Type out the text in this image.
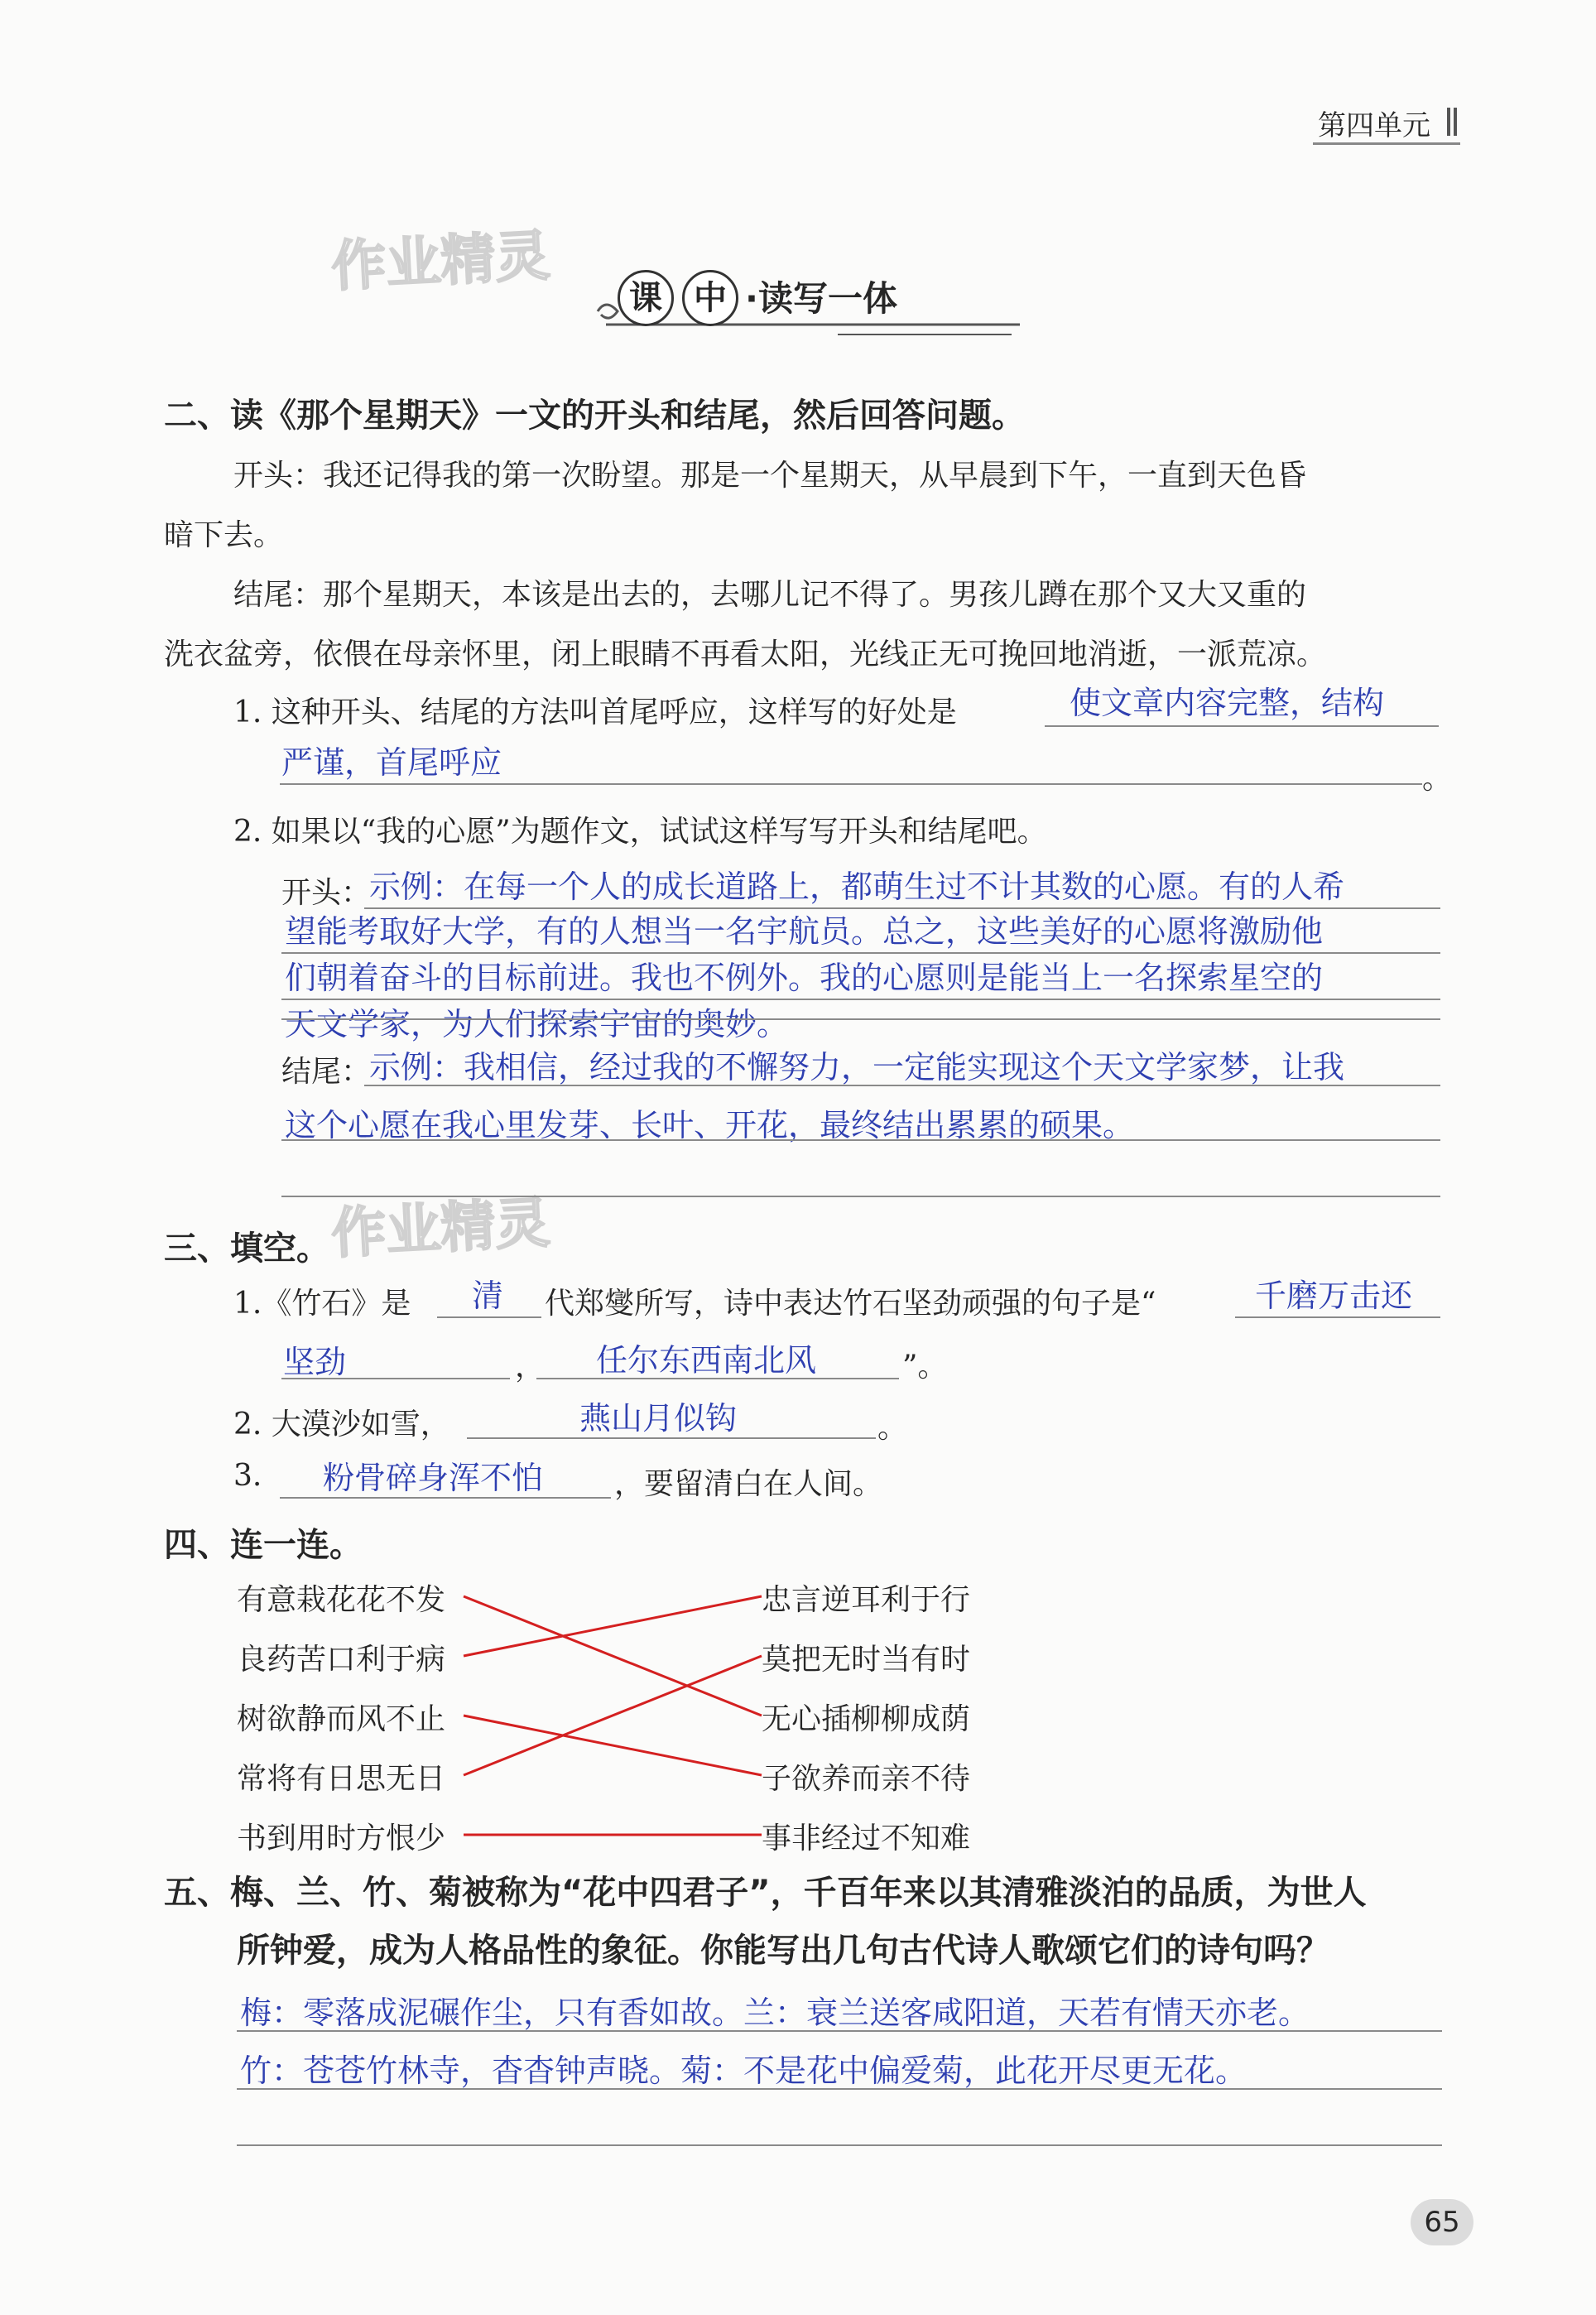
第四单元
作业精灵
作业精灵
课 中 ·读写一体
二、读《那个星期天》一文的开头和结尾，然后回答问题。
开头：我还记得我的第一次盼望。那是一个星期天，从早晨到下午，一直到天色昏
暗下去。
结尾：那个星期天，本该是出去的，去哪儿记不得了。男孩儿蹲在那个又大又重的
洗衣盆旁，依偎在母亲怀里，闭上眼睛不再看太阳，光线正无可挽回地消逝，一派荒凉。
1. 这种开头、结尾的方法叫首尾呼应，这样写的好处是	使文章内容完整，结构
严谨，首尾呼应	。
2. 如果以“我的心愿”为题作文，试试这样写写开头和结尾吧。
开头：
示例：在每一个人的成长道路上，都萌生过不计其数的心愿。有的人希
望能考取好大学，有的人想当一名宇航员。总之，这些美好的心愿将激励他
们朝着奋斗的目标前进。我也不例外。我的心愿则是能当上一名探索星空的
天文学家，为人们探索宇宙的奥妙。
结尾：
示例：我相信，经过我的不懈努力，一定能实现这个天文学家梦，让我
这个心愿在我心里发芽、长叶、开花，最终结出累累的硕果。
三、填空。
1.《竹石》是 清 代郑燮所写，诗中表达竹石坚劲顽强的句子是“	千磨万击还
坚劲	， 任尔东西南北风	”。
2. 大漠沙如雪，	燕山月似钩	。
3. 粉骨碎身浑不怕 ，要留清白在人间。
四、连一连。
有意栽花花不发
良药苦口利于病
树欲静而风不止
常将有日思无日
书到用时方恨少
忠言逆耳利于行
莫把无时当有时
无心插柳柳成荫
子欲养而亲不待
事非经过不知难
五、梅、兰、竹、菊被称为“花中四君子”，千百年来以其清雅淡泊的品质，为世人
所钟爱，成为人格品性的象征。你能写出几句古代诗人歌颂它们的诗句吗？
梅：零落成泥碾作尘，只有香如故。兰：衰兰送客咸阳道，天若有情天亦老。
竹：苍苍竹林寺，杳杳钟声晓。菊：不是花中偏爱菊，此花开尽更无花。
65
